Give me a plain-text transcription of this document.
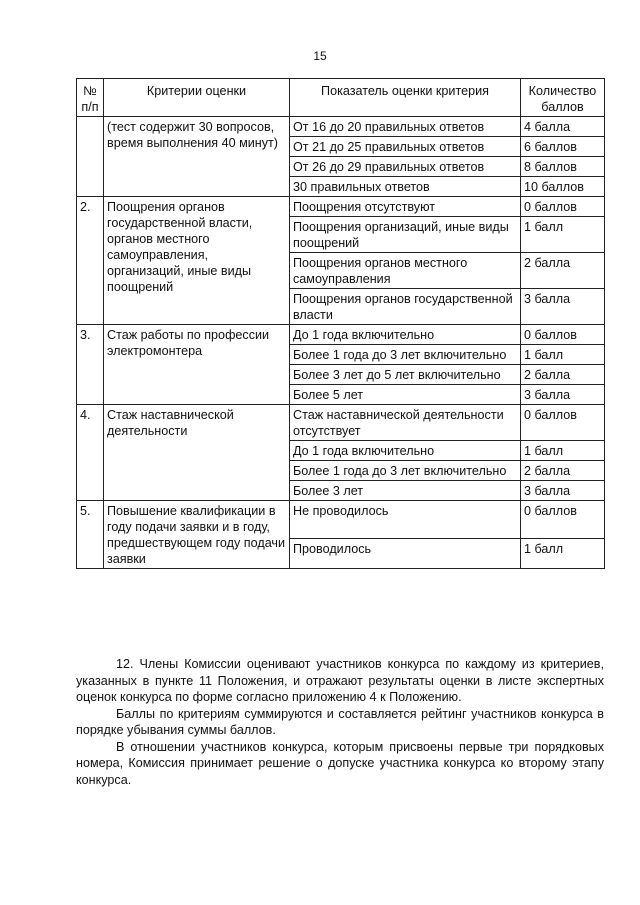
15
№ п/п	Критерии оценки	Показатель оценки критерия	Количество баллов
	(тест содержит 30 вопросов, время выполнения 40 минут)	От 16 до 20 правильных ответов	4 балла
		От 21 до 25 правильных ответов	6 баллов
		От 26 до 29 правильных ответов	8 баллов
		30 правильных ответов	10 баллов
2.	Поощрения органов государственной власти, органов местного самоуправления, организаций, иные виды поощрений	Поощрения отсутствуют	0 баллов
		Поощрения организаций, иные виды поощрений	1 балл
		Поощрения органов местного самоуправления	2 балла
		Поощрения органов государственной власти	3 балла
3.	Стаж работы по профессии электромонтера	До 1 года включительно	0 баллов
		Более 1 года до 3 лет включительно	1 балл
		Более 3 лет до 5 лет включительно	2 балла
		Более 5 лет	3 балла
4.	Стаж наставнической деятельности	Стаж наставнической деятельности отсутствует	0 баллов
		До 1 года включительно	1 балл
		Более 1 года до 3 лет включительно	2 балла
		Более 3 лет	3 балла
5.	Повышение квалификации в году подачи заявки и в году, предшествующем году подачи заявки	Не проводилось	0 баллов
		Проводилось	1 балл

12. Члены Комиссии оценивают участников конкурса по каждому из критериев, указанных в пункте 11 Положения, и отражают результаты оценки в листе экспертных оценок конкурса по форме согласно приложению 4 к Положению.

Баллы по критериям суммируются и составляется рейтинг участников конкурса в порядке убывания суммы баллов.

В отношении участников конкурса, которым присвоены первые три порядковых номера, Комиссия принимает решение о допуске участника конкурса ко второму этапу конкурса.
